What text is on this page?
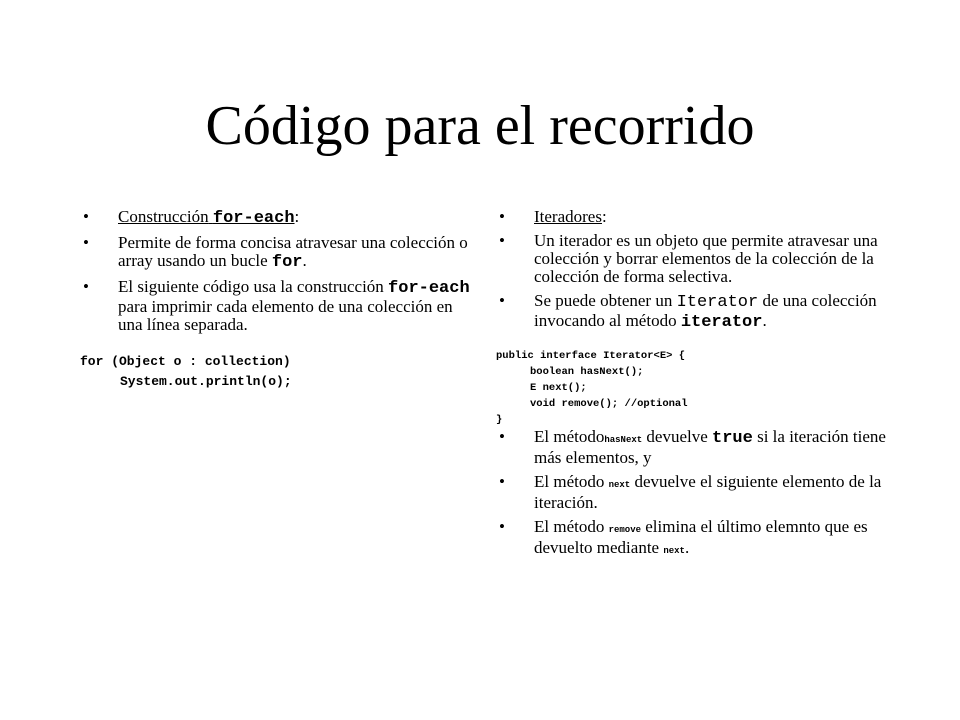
Código para el recorrido
• Construcción for-each:
• Permite de forma concisa atravesar una colección o array usando un bucle for.
• El siguiente código usa la construcción for-each para imprimir cada elemento de una colección en una línea separada.
for (Object o : collection)
System.out.println(o);
• Iteradores:
• Un iterador es un objeto que permite atravesar una colección y borrar elementos de la colección de la colección de forma selectiva.
• Se puede obtener un Iterator de una colección invocando al método iterator.
public interface Iterator<E> {
boolean hasNext();
E next();
void remove(); //optional
}
• El métodohasNext devuelve true si la iteración tiene más elementos, y
• El método next devuelve el siguiente elemento de la iteración.
• El método remove elimina el último elemnto que es devuelto mediante next.
